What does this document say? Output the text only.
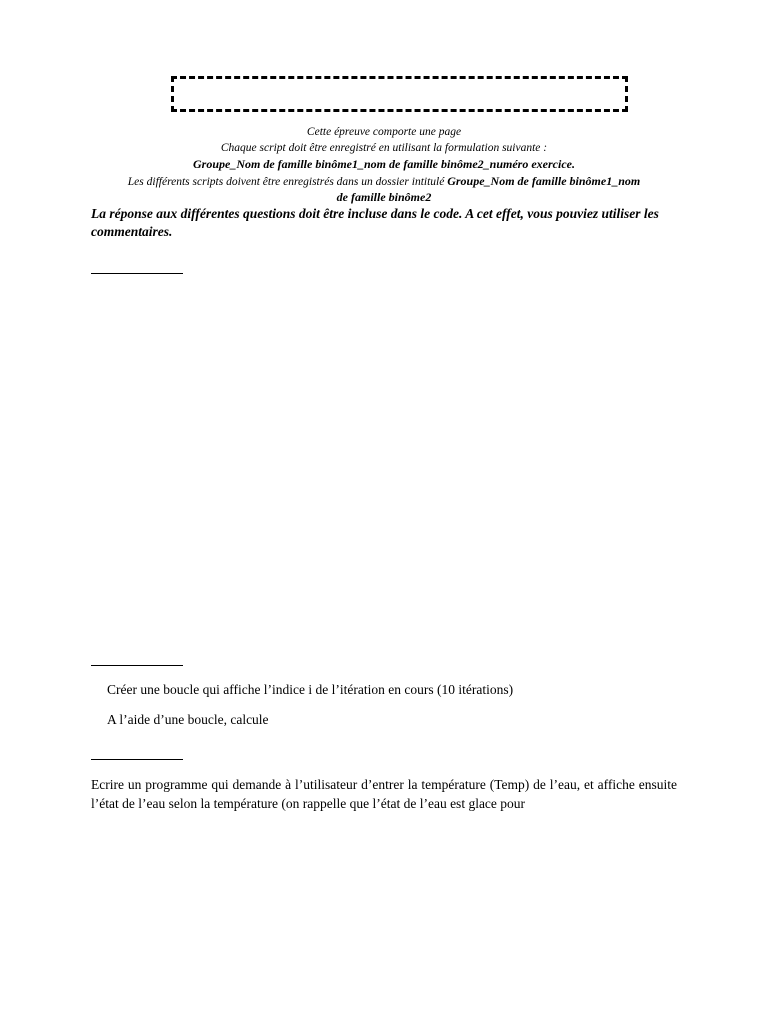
Cette épreuve comporte une page
Chaque script doit être enregistré en utilisant la formulation suivante :
Groupe_Nom de famille binôme1_nom de famille binôme2_numéro exercice.
Les différents scripts doivent être enregistrés dans un dossier intitulé Groupe_Nom de famille binôme1_nom
de famille binôme2
La réponse aux différentes questions doit être incluse dans le code. A cet effet, vous pouviez utiliser les commentaires.
Créer une boucle qui affiche l’indice i de l’itération en cours (10 itérations)
A l’aide d’une boucle, calcule
Ecrire un programme qui demande à l’utilisateur d’entrer la température (Temp) de l’eau, et affiche ensuite l’état de l’eau selon la température (on rappelle que l’état de l’eau est glace pour
